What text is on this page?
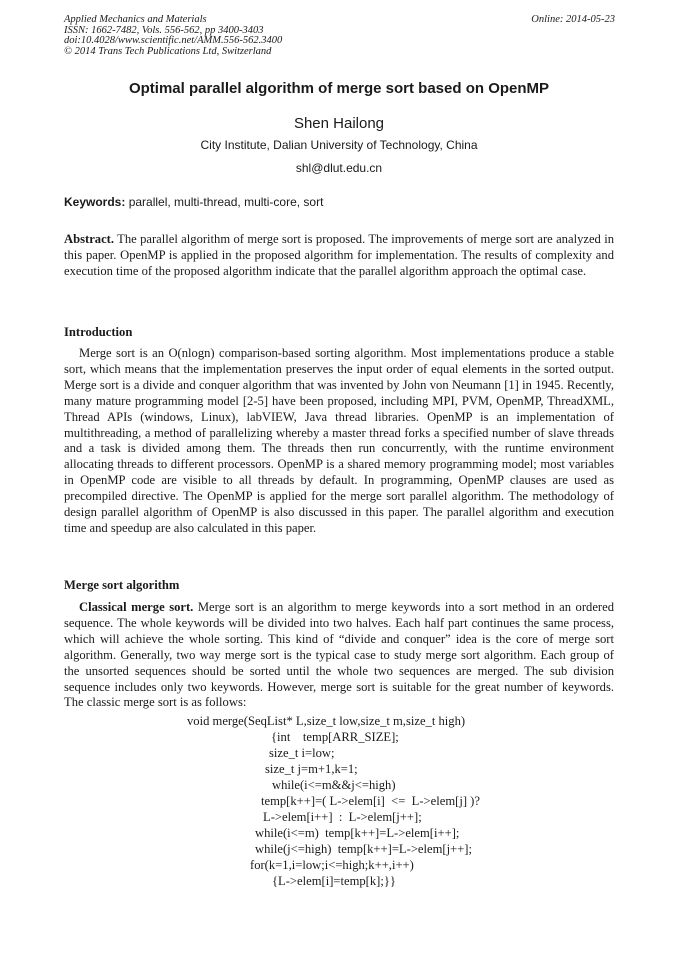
Applied Mechanics and Materials
ISSN: 1662-7482, Vols. 556-562, pp 3400-3403
doi:10.4028/www.scientific.net/AMM.556-562.3400
© 2014 Trans Tech Publications Ltd, Switzerland
Online: 2014-05-23
Optimal parallel algorithm of merge sort based on OpenMP
Shen Hailong
City Institute, Dalian University of Technology, China
shl@dlut.edu.cn
Keywords: parallel, multi-thread, multi-core, sort
Abstract. The parallel algorithm of merge sort is proposed. The improvements of merge sort are analyzed in this paper. OpenMP is applied in the proposed algorithm for implementation. The results of complexity and execution time of the proposed algorithm indicate that the parallel algorithm approach the optimal case.
Introduction
Merge sort is an O(nlogn) comparison-based sorting algorithm. Most implementations produce a stable sort, which means that the implementation preserves the input order of equal elements in the sorted output. Merge sort is a divide and conquer algorithm that was invented by John von Neumann [1] in 1945. Recently, many mature programming model [2-5] have been proposed, including MPI, PVM, OpenMP, ThreadXML, Thread APIs (windows, Linux), labVIEW, Java thread libraries. OpenMP is an implementation of multithreading, a method of parallelizing whereby a master thread forks a specified number of slave threads and a task is divided among them. The threads then run concurrently, with the runtime environment allocating threads to different processors. OpenMP is a shared memory programming model; most variables in OpenMP code are visible to all threads by default. In programming, OpenMP clauses are used as precompiled directive. The OpenMP is applied for the merge sort parallel algorithm. The methodology of design parallel algorithm of OpenMP is also discussed in this paper. The parallel algorithm and execution time and speedup are also calculated in this paper.
Merge sort algorithm
Classical merge sort. Merge sort is an algorithm to merge keywords into a sort method in an ordered sequence. The whole keywords will be divided into two halves. Each half part continues the same process, which will achieve the whole sorting. This kind of “divide and conquer” idea is the core of merge sort algorithm. Generally, two way merge sort is the typical case to study merge sort algorithm. Each group of the unsorted sequences should be sorted until the whole two sequences are merged. The sub division sequence includes only two keywords. However, merge sort is suitable for the great number of keywords. The classic merge sort is as follows:
void merge(SeqList* L,size_t low,size_t m,size_t high)
{int    temp[ARR_SIZE];
size_t i=low;
size_t j=m+1,k=1;
while(i<=m&&j<=high)
temp[k++]=( L->elem[i]  <=  L->elem[j] )?
L->elem[i++]  :  L->elem[j++];
while(i<=m)  temp[k++]=L->elem[i++];
while(j<=high)  temp[k++]=L->elem[j++];
for(k=1,i=low;i<=high;k++,i++)
{L->elem[i]=temp[k];}}
